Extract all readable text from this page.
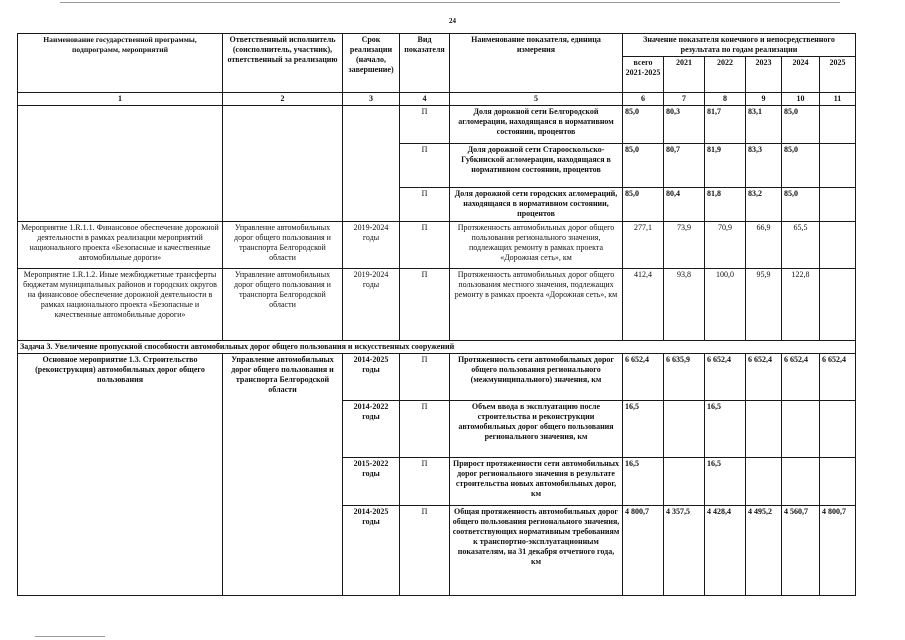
24
Наименование государственной программы, подпрограмм, мероприятий	Ответственный исполнитель (соисполнитель, участник), ответственный за реализацию	Срок реализации (начало, завершение)	Вид показателя	Наименование показателя, единица измерения	Значение показателя конечного и непосредственного результата по годам реализации					
					всего 2021-2025	2021	2022	2023	2024	2025
1	2	3	4	5	6	7	8	9	10	11
			П	Доля дорожной сети Белгородской агломерации, находящаяся в нормативном состоянии, процентов	85,0	80,3	81,7	83,1	85,0	
			П	Доля дорожной сети Старооскольско-Губкинской агломерации, находящаяся в нормативном состоянии, процентов	85,0	80,7	81,9	83,3	85,0	
			П	Доля дорожной сети городских агломераций, находящаяся в нормативном состоянии, процентов	85,0	80,4	81,8	83,2	85,0	
Мероприятие 1.R.1.1. Финансовое обеспечение дорожной деятельности в рамках реализации мероприятий национального проекта «Безопасные и качественные автомобильные дороги»	Управление автомобильных дорог общего пользования и транспорта Белгородской области	2019-2024 годы	П	Протяженность автомобильных дорог общего пользования регионального значения, подлежащих ремонту в рамках проекта «Дорожная сеть», км	277,1	73,9	70,9	66,9	65,5	
Мероприятие 1.R.1.2. Иные межбюджетные трансферты бюджетам муниципальных районов и городских округов на финансовое обеспечение дорожной деятельности в рамках национального проекта «Безопасные и качественные автомобильные дороги»	Управление автомобильных дорог общего пользования и транспорта Белгородской области	2019-2024 годы	П	Протяженность автомобильных дорог общего пользования местного значения, подлежащих ремонту в рамках проекта «Дорожная сеть», км	412,4	93,8	100,0	95,9	122,8	
Задача 3. Увеличение пропускной способности автомобильных дорог общего пользования и искусственных сооружений										
Основное мероприятие 1.3. Строительство (реконструкция) автомобильных дорог общего пользования	Управление автомобильных дорог общего пользования и транспорта Белгородской области	2014-2025 годы	П	Протяженность сети автомобильных дорог общего пользования регионального (межмуниципального) значения, км	6 652,4	6 635,9	6 652,4	6 652,4	6 652,4	6 652,4
		2014-2022 годы	П	Объем ввода в эксплуатацию после строительства и реконструкции автомобильных дорог общего пользования регионального значения, км	16,5		16,5			
		2015-2022 годы	П	Прирост протяженности сети автомобильных дорог регионального значения в результате строительства новых автомобильных дорог, км	16,5		16,5			
		2014-2025 годы	П	Общая протяженность автомобильных дорог общего пользования регионального значения, соответствующих нормативным требованиям к транспортно-эксплуатационным показателям, на 31 декабря отчетного года, км	4 800,7	4 357,5	4 428,4	4 495,2	4 560,7	4 800,7
